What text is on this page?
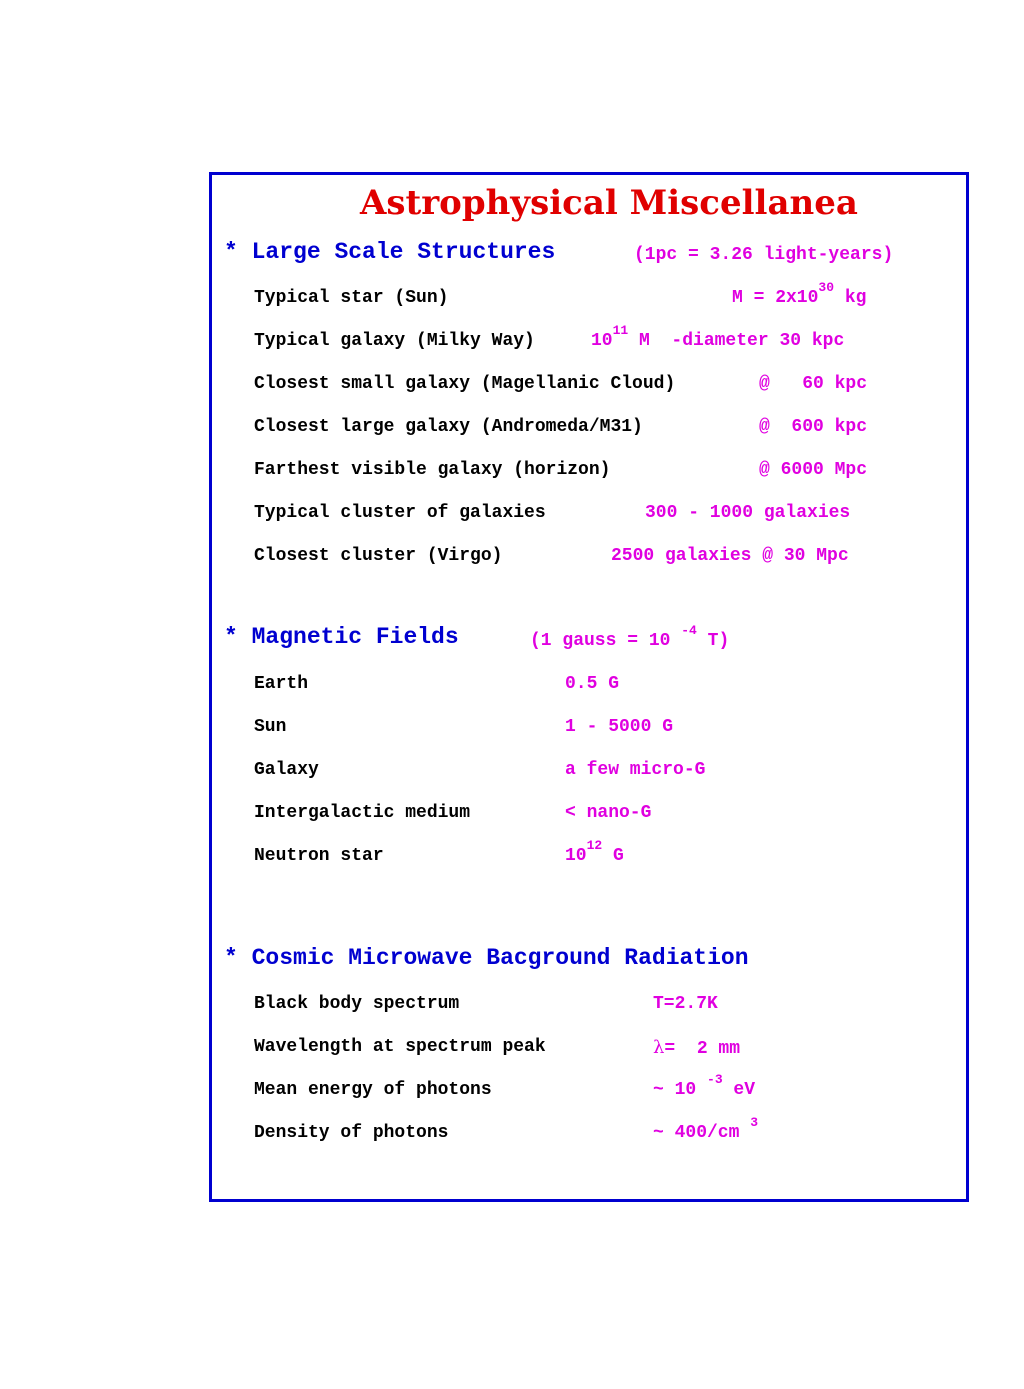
Astrophysical Miscellanea
* Large Scale Structures	(1pc = 3.26 light-years)
Typical star (Sun)	$M = 2x10^{30}$ kg
Typical galaxy (Milky Way)	$10^{11}$ M  -diameter 30 kpc
Closest small galaxy (Magellanic Cloud)	@   60 kpc
Closest large galaxy (Andromeda/M31)	@  600 kpc
Farthest visible galaxy (horizon)	@ 6000 Mpc
Typical cluster of galaxies	300 - 1000 galaxies
Closest cluster (Virgo)	2500 galaxies @ 30 Mpc
* Magnetic Fields	(1 gauss = 10 $^{-4}$ T)
Earth	0.5 G
Sun	1 - 5000 G
Galaxy	a few micro-G
Intergalactic medium	< nano-G
Neutron star	$10^{12}$ G
* Cosmic Microwave Bacground Radiation
Black body spectrum	T=2.7K
Wavelength at spectrum peak	λ=  2 mm
Mean energy of photons	~ 10 $^{-3}$ eV
Density of photons	~ 400/cm $^3$
